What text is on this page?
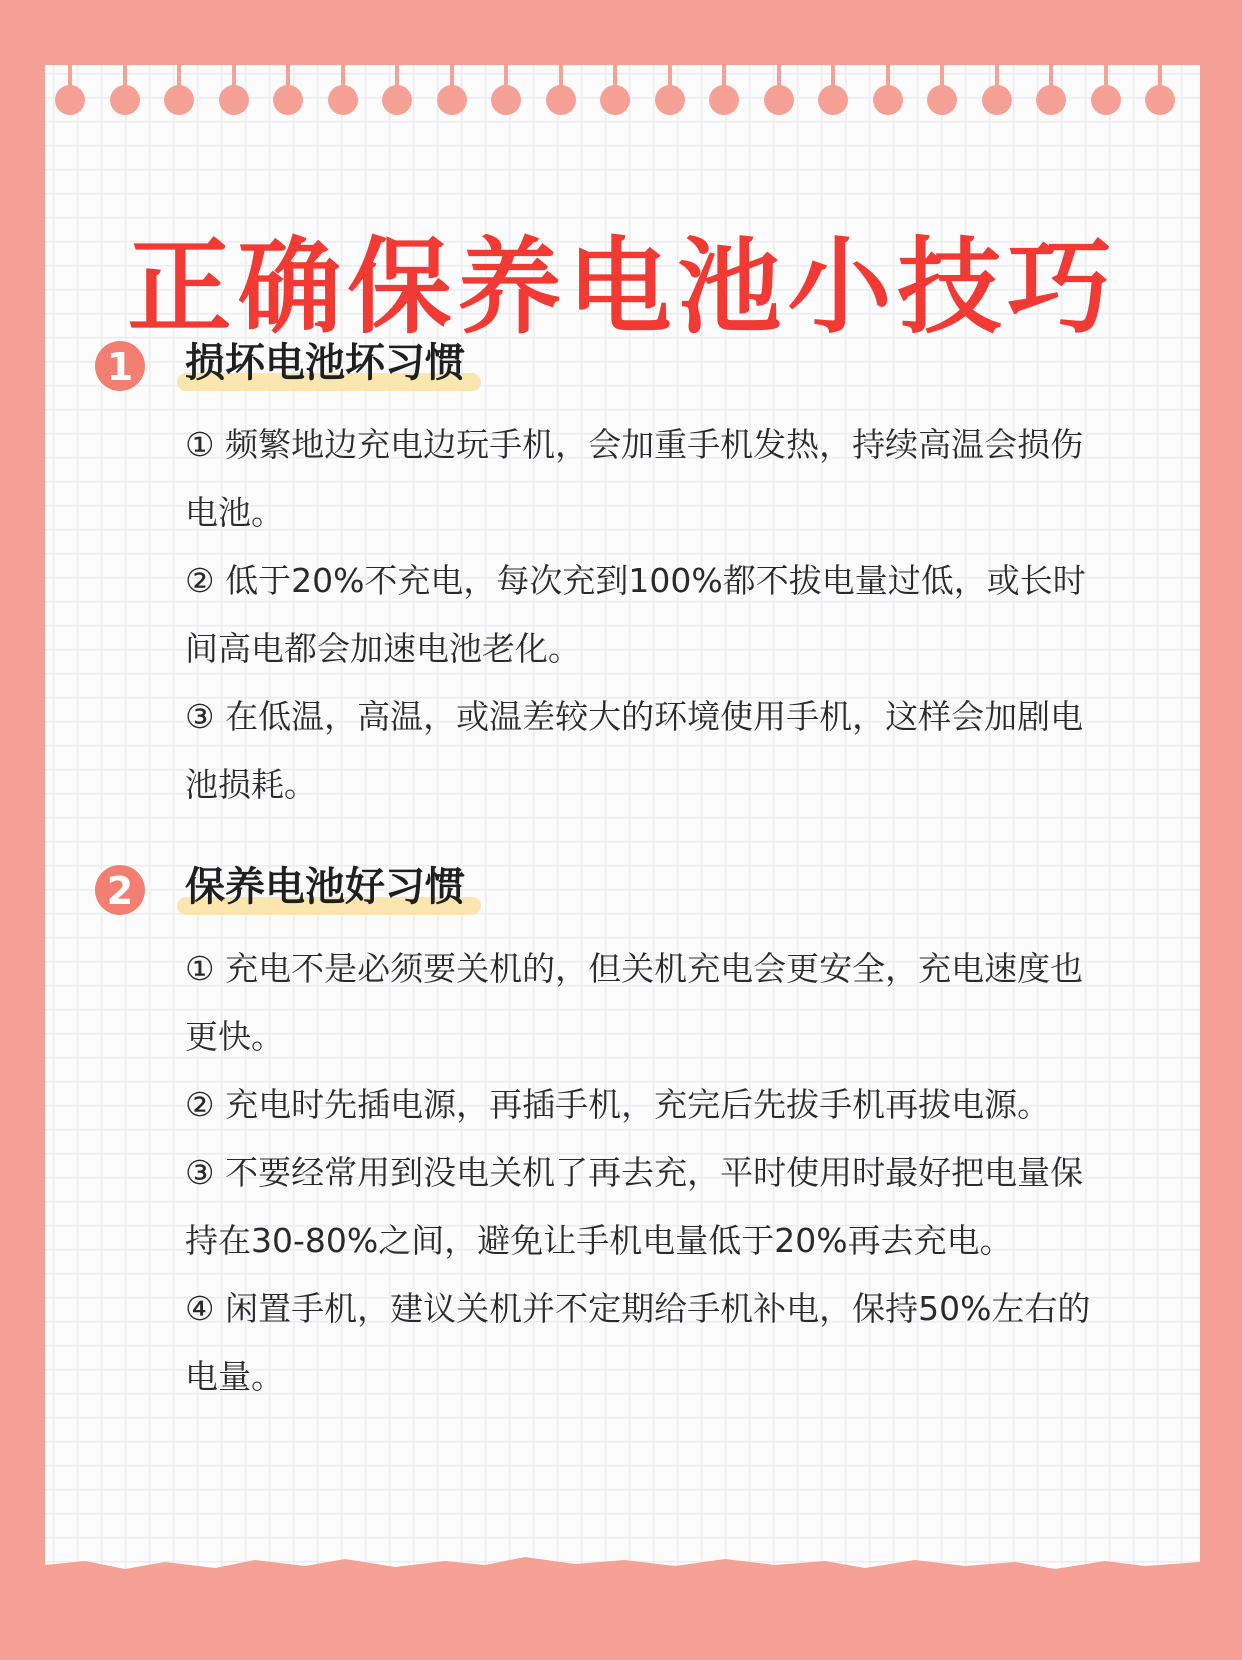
正确保养电池小技巧
1 损坏电池坏习惯

① 频繁地边充电边玩手机，会加重手机发热，持续高温会损伤电池。

② 低于20%不充电，每次充到100%都不拔电量过低，或长时间高电都会加速电池老化。

③ 在低温，高温，或温差较大的环境使用手机，这样会加剧电池损耗。

2 保养电池好习惯

① 充电不是必须要关机的，但关机充电会更安全，充电速度也更快。

② 充电时先插电源，再插手机，充完后先拔手机再拔电源。

③ 不要经常用到没电关机了再去充，平时使用时最好把电量保持在30-80%之间，避免让手机电量低于20%再去充电。

④ 闲置手机，建议关机并不定期给手机补电，保持50%左右的电量。
